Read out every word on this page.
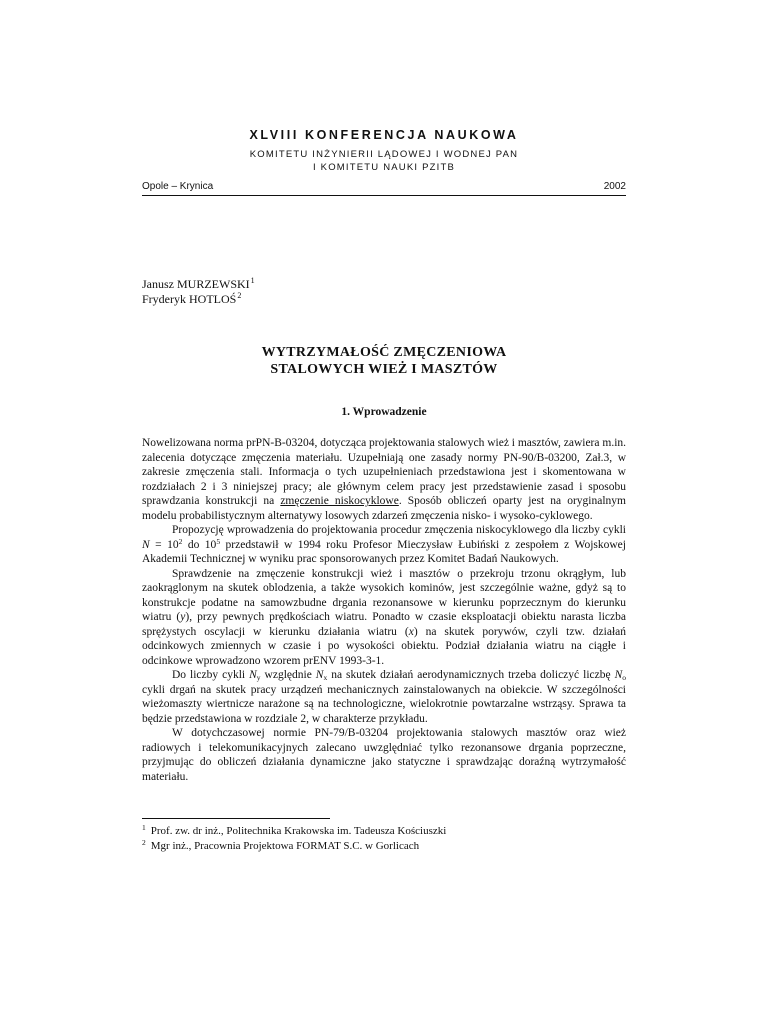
XLVIII KONFERENCJA NAUKOWA
KOMITETU INŻYNIERII LĄDOWEJ I WODNEJ PAN
I KOMITETU NAUKI PZITB
Opole – Krynica	2002
Janusz MURZEWSKI$^1$
Fryderyk HOTLOŚ$^2$
WYTRZYMAŁOŚĆ ZMĘCZENIOWA
STALOWYCH WIEŻ I MASZTÓW
1. Wprowadzenie

Nowelizowana norma prPN-B-03204, dotycząca projektowania stalowych wież i masztów, zawiera m.in. zalecenia dotyczące zmęczenia materiału. Uzupełniają one zasady normy PN-90/B-03200, Zał.3, w zakresie zmęczenia stali. Informacja o tych uzupełnieniach przedstawiona jest i skomentowana w rozdziałach 2 i 3 niniejszej pracy; ale głównym celem pracy jest przedstawienie zasad i sposobu sprawdzania konstrukcji na zmęczenie niskocyklowe. Sposób obliczeń oparty jest na oryginalnym modelu probabilistycznym alternatywy losowych zdarzeń zmęczenia nisko- i wysoko-cyklowego.

Propozycję wprowadzenia do projektowania procedur zmęczenia niskocyklowego dla liczby cykli $N = 10^2$ do $10^5$ przedstawił w 1994 roku Profesor Mieczysław Łubiński z zespołem z Wojskowej Akademii Technicznej w wyniku prac sponsorowanych przez Komitet Badań Naukowych.

Sprawdzenie na zmęczenie konstrukcji wież i masztów o przekroju trzonu okrągłym, lub zaokrąglonym na skutek oblodzenia, a także wysokich kominów, jest szczególnie ważne, gdyż są to konstrukcje podatne na samowzbudne drgania rezonansowe w kierunku poprzecznym do kierunku wiatru (y), przy pewnych prędkościach wiatru. Ponadto w czasie eksploatacji obiektu narasta liczba sprężystych oscylacji w kierunku działania wiatru (x) na skutek porywów, czyli tzw. działań odcinkowych zmiennych w czasie i po wysokości obiektu. Podział działania wiatru na ciągłe i odcinkowe wprowadzono wzorem prENV 1993-3-1.

Do liczby cykli $N_y$ względnie $N_x$ na skutek działań aerodynamicznych trzeba doliczyć liczbę $N_o$ cykli drgań na skutek pracy urządzeń mechanicznych zainstalowanych na obiekcie. W szczególności wieżomaszty wiertnicze narażone są na technologiczne, wielokrotnie powtarzalne wstrząsy. Sprawa ta będzie przedstawiona w rozdziale 2, w charakterze przykładu.

W dotychczasowej normie PN-79/B-03204 projektowania stalowych masztów oraz wież radiowych i telekomunikacyjnych zalecano uwzględniać tylko rezonansowe drgania poprzeczne, przyjmując do obliczeń działania dynamiczne jako statyczne i sprawdzając doraźną wytrzymałość materiału.

$^1$ Prof. zw. dr inż., Politechnika Krakowska im. Tadeusza Kościuszki
$^2$ Mgr inż., Pracownia Projektowa FORMAT S.C. w Gorlicach
